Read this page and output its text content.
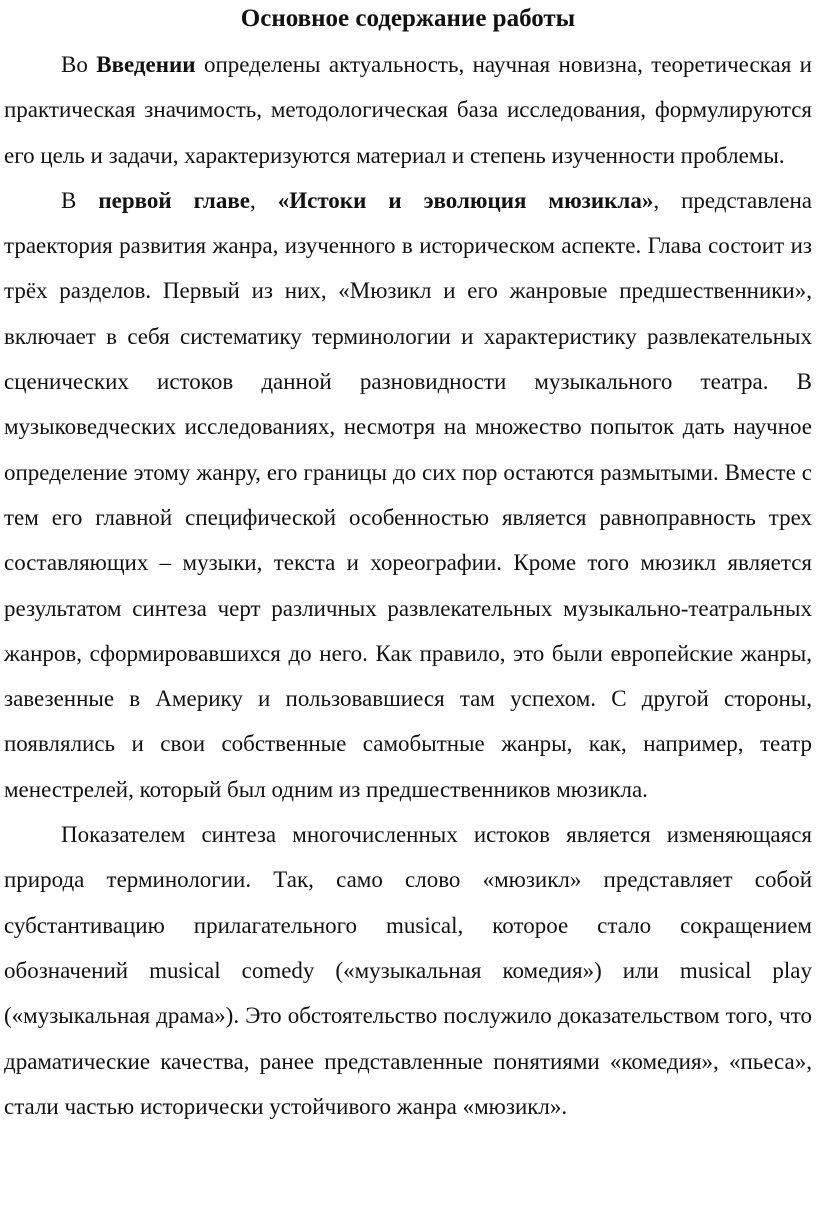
Основное содержание работы

Во Введении определены актуальность, научная новизна, теоретическая и практическая значимость, методологическая база исследования, формулируются его цель и задачи, характеризуются материал и степень изученности проблемы.

В первой главе, «Истоки и эволюция мюзикла», представлена траектория развития жанра, изученного в историческом аспекте. Глава состоит из трёх разделов. Первый из них, «Мюзикл и его жанровые предшественники», включает в себя систематику терминологии и характеристику развлекательных сценических истоков данной разновидности музыкального театра. В музыковедческих исследованиях, несмотря на множество попыток дать научное определение этому жанру, его границы до сих пор остаются размытыми. Вместе с тем его главной специфической особенностью является равноправность трех составляющих – музыки, текста и хореографии. Кроме того мюзикл является результатом синтеза черт различных развлекательных музыкально-театральных жанров, сформировавшихся до него. Как правило, это были европейские жанры, завезенные в Америку и пользовавшиеся там успехом. С другой стороны, появлялись и свои собственные самобытные жанры, как, например, театр менестрелей, который был одним из предшественников мюзикла.

Показателем синтеза многочисленных истоков является изменяющаяся природа терминологии. Так, само слово «мюзикл» представляет собой субстантивацию прилагательного musical, которое стало сокращением обозначений musical comedy («музыкальная комедия») или musical play («музыкальная драма»). Это обстоятельство послужило доказательством того, что драматические качества, ранее представленные понятиями «комедия», «пьеса», стали частью исторически устойчивого жанра «мюзикл».
